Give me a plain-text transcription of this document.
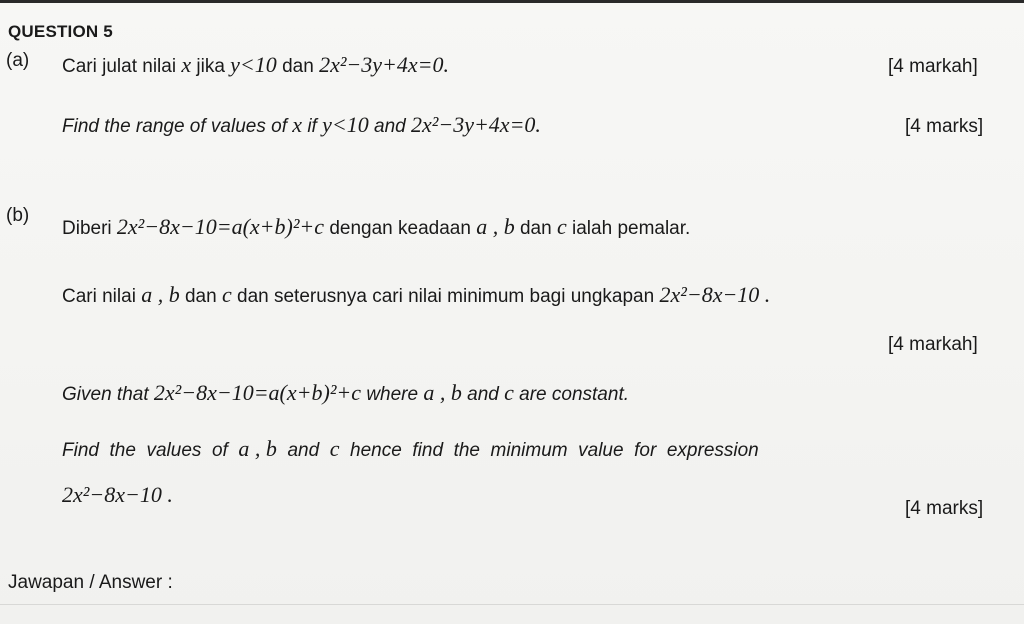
QUESTION 5
(a) Cari julat nilai x jika y<10 dan 2x²−3y+4x=0.	[4 markah]
Find the range of values of x if y<10 and 2x²−3y+4x=0.	[4 marks]
(b)
Diberi 2x²−8x−10=a(x+b)²+c dengan keadaan a , b dan c ialah pemalar.
Cari nilai a , b dan c dan seterusnya cari nilai minimum bagi ungkapan 2x²−8x−10 .
[4 markah]
Given that 2x²−8x−10=a(x+b)²+c where a , b and c are constant.
Find  the  values  of a , b and c hence  find  the  minimum  value  for  expression
2x²−8x−10 .
[4 marks]
Jawapan / Answer :
